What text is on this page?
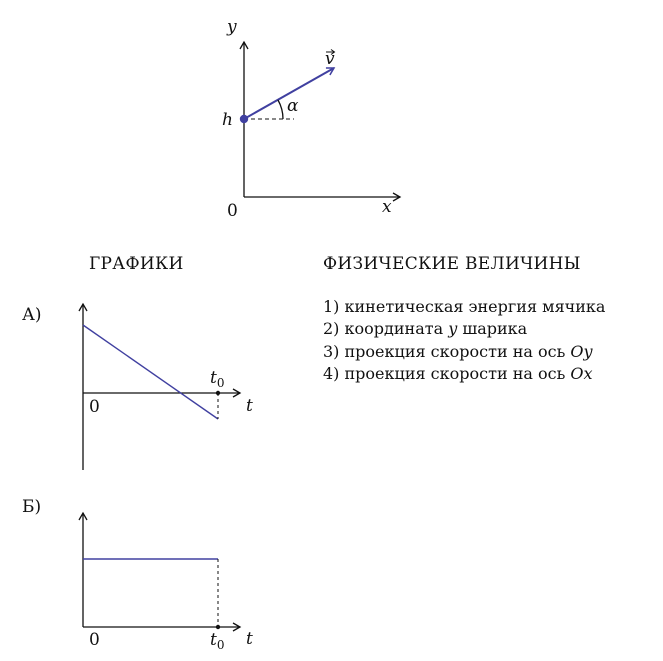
y
x
0
h
v
α
А)
0	t
$t_0$
Б)
0	t
$t_0$
ГРАФИКИ	ФИЗИЧЕСКИЕ ВЕЛИЧИНЫ
1) кинетическая энергия мячика
2) координата y шарика
3) проекция скорости на ось Oy
4) проекция скорости на ось Ox
